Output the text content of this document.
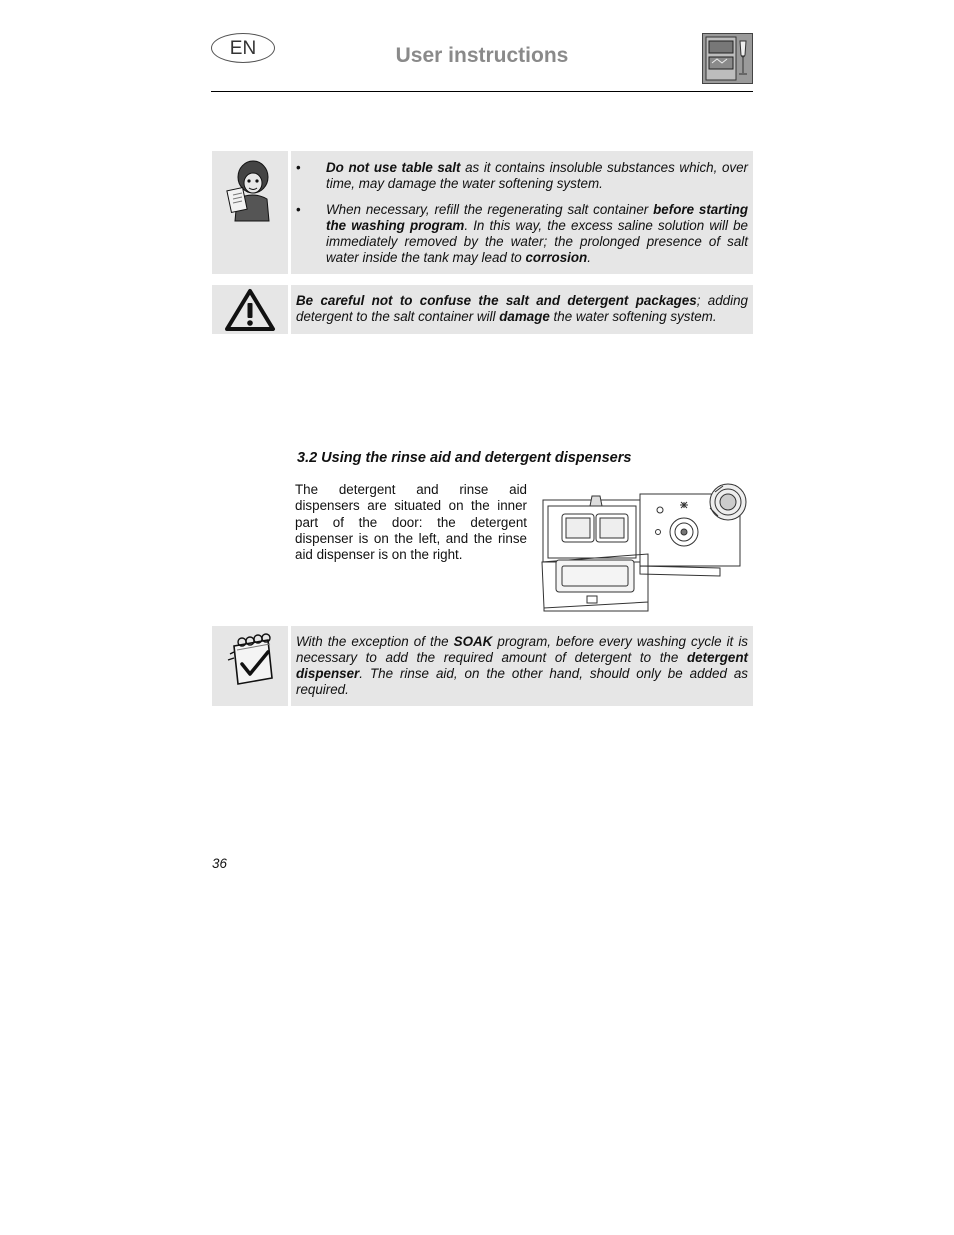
EN	User instructions
•	Do not use table salt as it contains insoluble substances which, over time, may damage the water softening system.
•	When necessary, refill the regenerating salt container before starting the washing program. In this way, the excess saline solution will be immediately removed by the water; the prolonged presence of salt water inside the tank may lead to corrosion.
Be careful not to confuse the salt and detergent packages; adding detergent to the salt container will damage the water softening system.
3.2 Using the rinse aid and detergent dispensers
The detergent and rinse aid dispensers are situated on the inner part of the door: the detergent dispenser is on the left, and the rinse aid dispenser is on the right.
With the exception of the SOAK program, before every washing cycle it is necessary to add the required amount of detergent to the detergent dispenser. The rinse aid, on the other hand, should only be added as required.
36
